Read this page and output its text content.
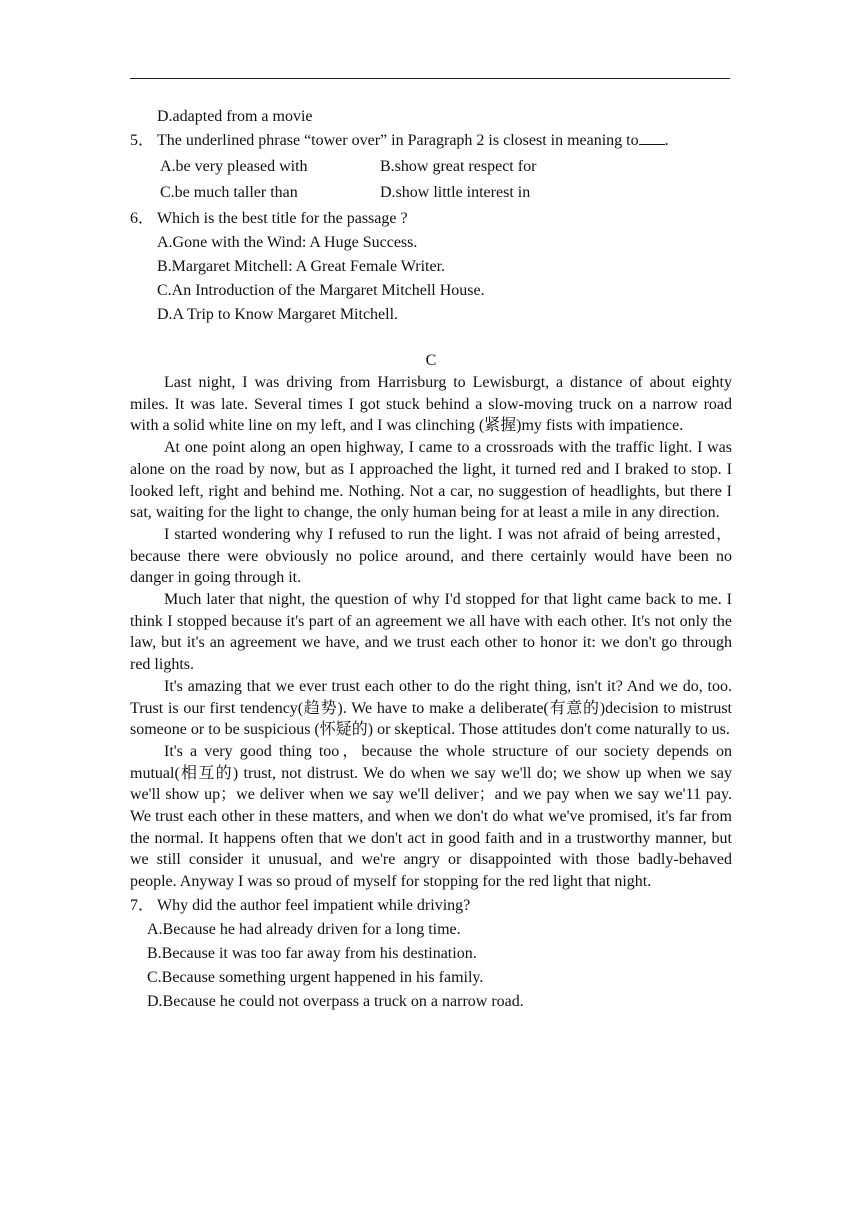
D.adapted from a movie
5． The underlined phrase “tower over” in Paragraph 2 is closest in meaning to .
A.be very pleased with	B.show great respect for
C.be much taller than	D.show little interest in
6． Which is the best title for the passage ?
A.Gone with the Wind: A Huge Success.
B.Margaret Mitchell: A Great Female Writer.
C.An Introduction of the Margaret Mitchell House.
D.A Trip to Know Margaret Mitchell.
C

Last night, I was driving from Harrisburg to Lewisburgt, a distance of about eighty miles. It was late. Several times I got stuck behind a slow-moving truck on a narrow road with a solid white line on my left, and I was clinching (紧握)my fists with impatience.

At one point along an open highway, I came to a crossroads with the traffic light. I was alone on the road by now, but as I approached the light, it turned red and I braked to stop. I looked left, right and behind me. Nothing. Not a car, no suggestion of headlights, but there I sat, waiting for the light to change, the only human being for at least a mile in any direction.

I started wondering why I refused to run the light. I was not afraid of being arrested， because there were obviously no police around, and there certainly would have been no danger in going through it.

Much later that night, the question of why I'd stopped for that light came back to me. I think I stopped because it's part of an agreement we all have with each other. It's not only the law, but it's an agreement we have, and we trust each other to honor it: we don't go through red lights.

It's amazing that we ever trust each other to do the right thing, isn't it? And we do, too. Trust is our first tendency(趋势). We have to make a deliberate(有意的)decision to mistrust someone or to be suspicious (怀疑的) or skeptical. Those attitudes don't come naturally to us.

It's a very good thing too，because the whole structure of our society depends on mutual(相互的) trust, not distrust. We do when we say we'll do; we show up when we say we'll show up；we deliver when we say we'll deliver；and we pay when we say we'11 pay. We trust each other in these matters, and when we don't do what we've promised, it's far from the normal. It happens often that we don't act in good faith and in a trustworthy manner, but we still consider it unusual, and we're angry or disappointed with those badly-behaved people. Anyway I was so proud of myself for stopping for the red light that night.

7． Why did the author feel impatient while driving?
A.Because he had already driven for a long time.
B.Because it was too far away from his destination.
C.Because something urgent happened in his family.
D.Because he could not overpass a truck on a narrow road.
